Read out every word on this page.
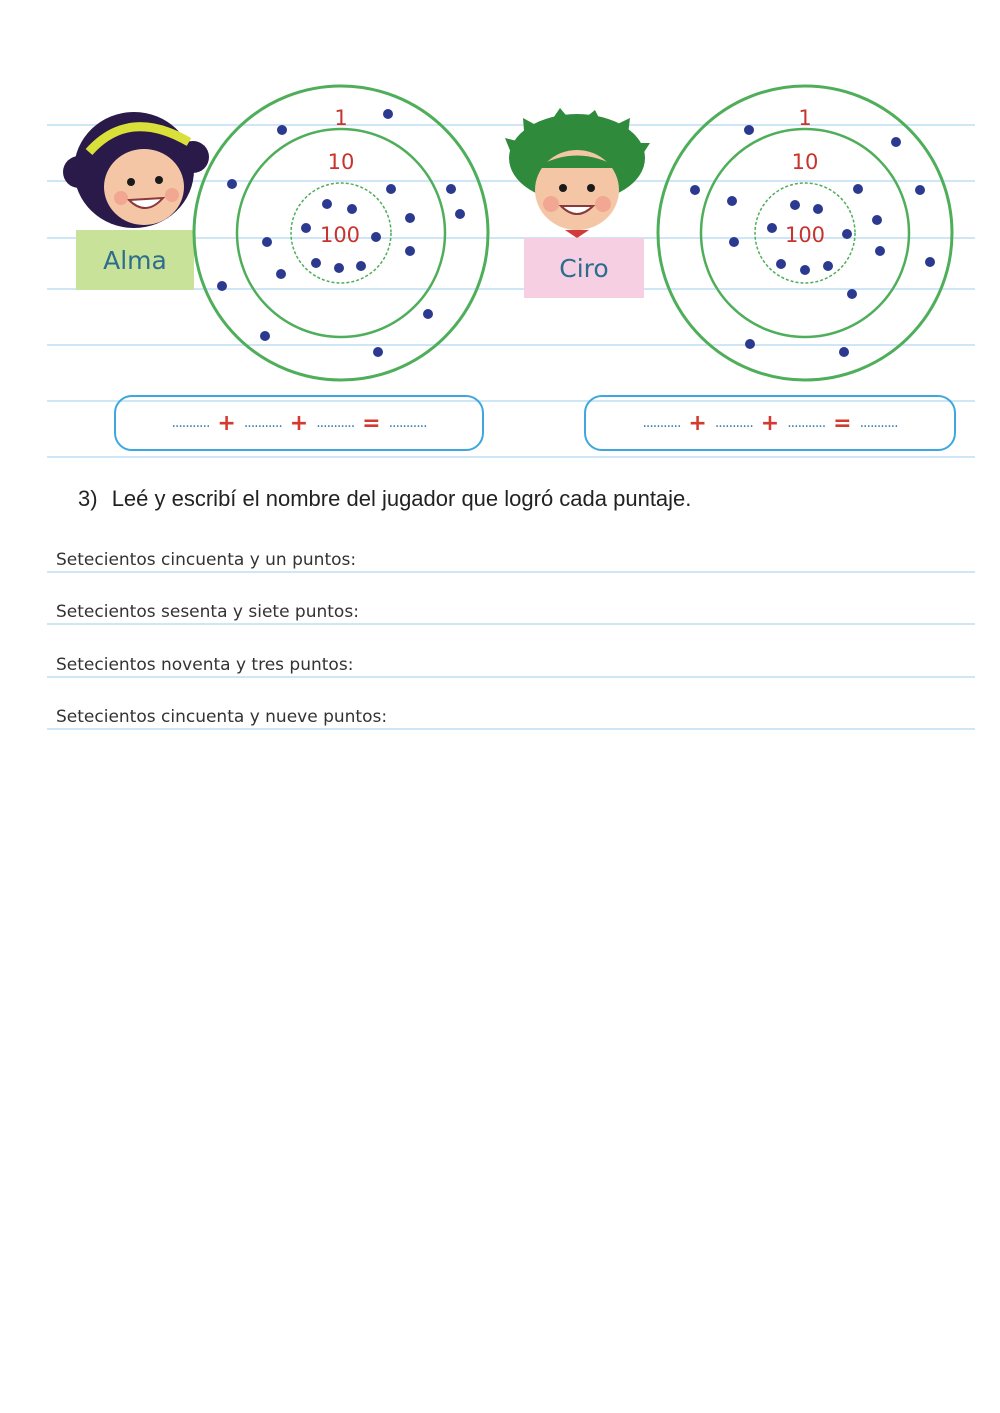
Alma	Ciro
1
10
100
1
10
100
........... + ........... + ........... = ...........	........... + ........... + ........... = ...........
3) Leé y escribí el nombre del jugador que logró cada puntaje.
Setecientos cincuenta y un puntos:
Setecientos sesenta y siete puntos:
Setecientos noventa y tres puntos:
Setecientos cincuenta y nueve puntos:
